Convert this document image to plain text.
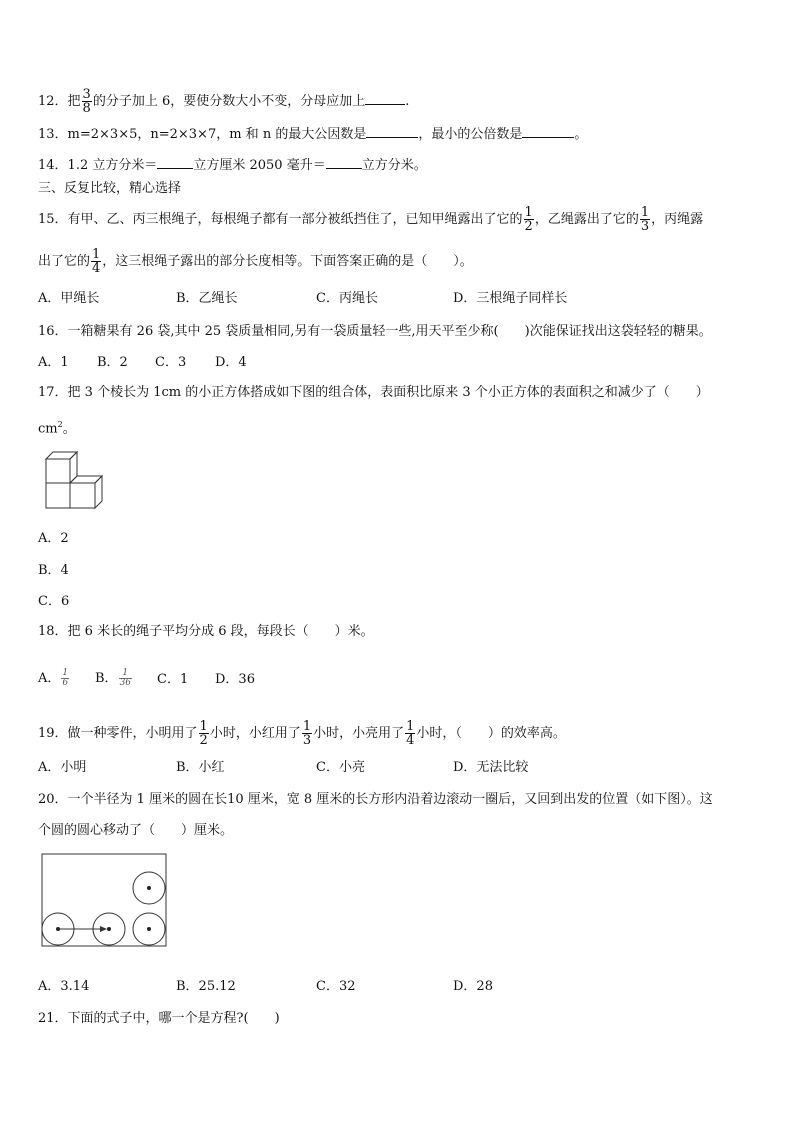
12．把 $\frac{3}{8}$ 的分子加上 6，要使分数大小不变，分母应加上	.
13．m=2×3×5，n=2×3×7，m 和 n 的最大公因数是	，最小的公倍数是	。
14．1.2 立方分米＝	立方厘米 2050 毫升＝	立方分米。
三、反复比较，精心选择
15．有甲、乙、丙三根绳子，每根绳子都有一部分被纸挡住了，已知甲绳露出了它的 $\frac{1}{2}$ ，乙绳露出了它的 $\frac{1}{3}$ ，丙绳露
出了它的 $\frac{1}{4}$ ，这三根绳子露出的部分长度相等。下面答案正确的是（　　）。
A．甲绳长	B．乙绳长	C．丙绳长	D．三根绳子同样长
16．一箱糖果有 26 袋,其中 25 袋质量相同,另有一袋质量轻一些,用天平至少称(　　)次能保证找出这袋轻轻的糖果。
A．1 B．2 C．3 D．4
17．把 3 个棱长为 1cm 的小正方体搭成如下图的组合体，表面积比原来 3 个小正方体的表面积之和减少了（　　）
$cm^2$。
A．2
B．4
C．6
18．把 6 米长的绳子平均分成 6 段，每段长（　　）米。
A． $\frac{1}{6}$ B． $\frac{1}{36}$ C．1 D．36
19．做一种零件，小明用了 $\frac{1}{2}$ 小时，小红用了 $\frac{1}{3}$ 小时，小亮用了 $\frac{1}{4}$ 小时，（　　）的效率高。
A．小明	B．小红	C．小亮	D．无法比较
20．一个半径为 1 厘米的圆在长10 厘米，宽 8 厘米的长方形内沿着边滚动一圈后，又回到出发的位置（如下图）。这
个圆的圆心移动了（　　）厘米。
A．3.14	B．25.12	C．32	D．28
21．下面的式子中，哪一个是方程?(　　)
